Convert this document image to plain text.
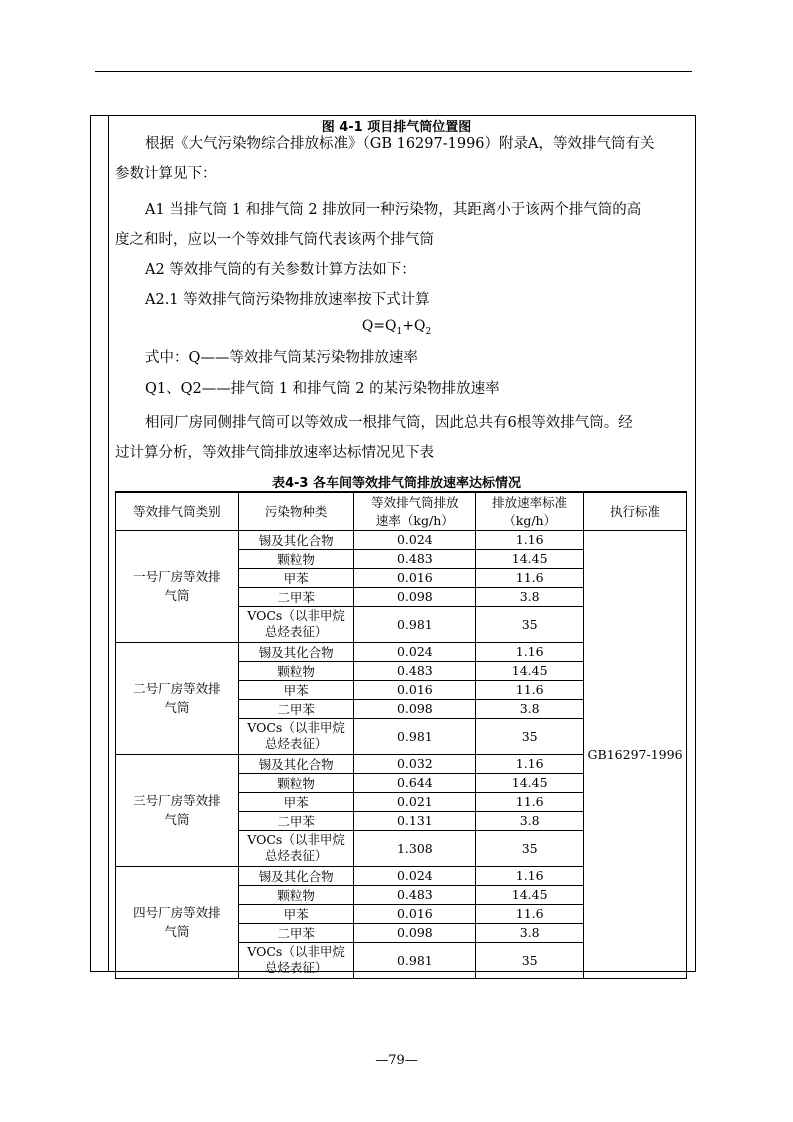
图 4-1 项目排气筒位置图
根据《大气污染物综合排放标准》（GB 16297-1996）附录A，等效排气筒有关
参数计算见下：
A1 当排气筒 1 和排气筒 2 排放同一种污染物，其距离小于该两个排气筒的高
度之和时，应以一个等效排气筒代表该两个排气筒
A2 等效排气筒的有关参数计算方法如下：
A2.1 等效排气筒污染物排放速率按下式计算
$Q=Q_1+Q_2$
式中：Q——等效排气筒某污染物排放速率
Q1、Q2——排气筒 1 和排气筒 2 的某污染物排放速率
相同厂房同侧排气筒可以等效成一根排气筒，因此总共有6根等效排气筒。经
过计算分析，等效排气筒排放速率达标情况见下表
表4-3 各车间等效排气筒排放速率达标情况
等效排气筒类别	污染物种类	等效排气筒排放
速率（kg/h）	排放速率标准
（kg/h）	执行标准
一号厂房等效排
气筒	锡及其化合物	0.024	1.16	GB16297-1996
	颗粒物	0.483	14.45	
	甲苯	0.016	11.6	
	二甲苯	0.098	3.8	

	VOCs（以非甲烷
总烃表征）	0.981	35	
二号厂房等效排
气筒	锡及其化合物	0.024	1.16	
	颗粒物	0.483	14.45	
	甲苯	0.016	11.6	
	二甲苯	0.098	3.8	

	VOCs（以非甲烷
总烃表征）	0.981	35	
三号厂房等效排
气筒	锡及其化合物	0.032	1.16	
	颗粒物	0.644	14.45	
	甲苯	0.021	11.6	
	二甲苯	0.131	3.8	

	VOCs（以非甲烷
总烃表征）	1.308	35	
四号厂房等效排
气筒	锡及其化合物	0.024	1.16	
	颗粒物	0.483	14.45	
	甲苯	0.016	11.6	
	二甲苯	0.098	3.8	

	VOCs（以非甲烷
总烃表征）	0.981	35	
—79—
